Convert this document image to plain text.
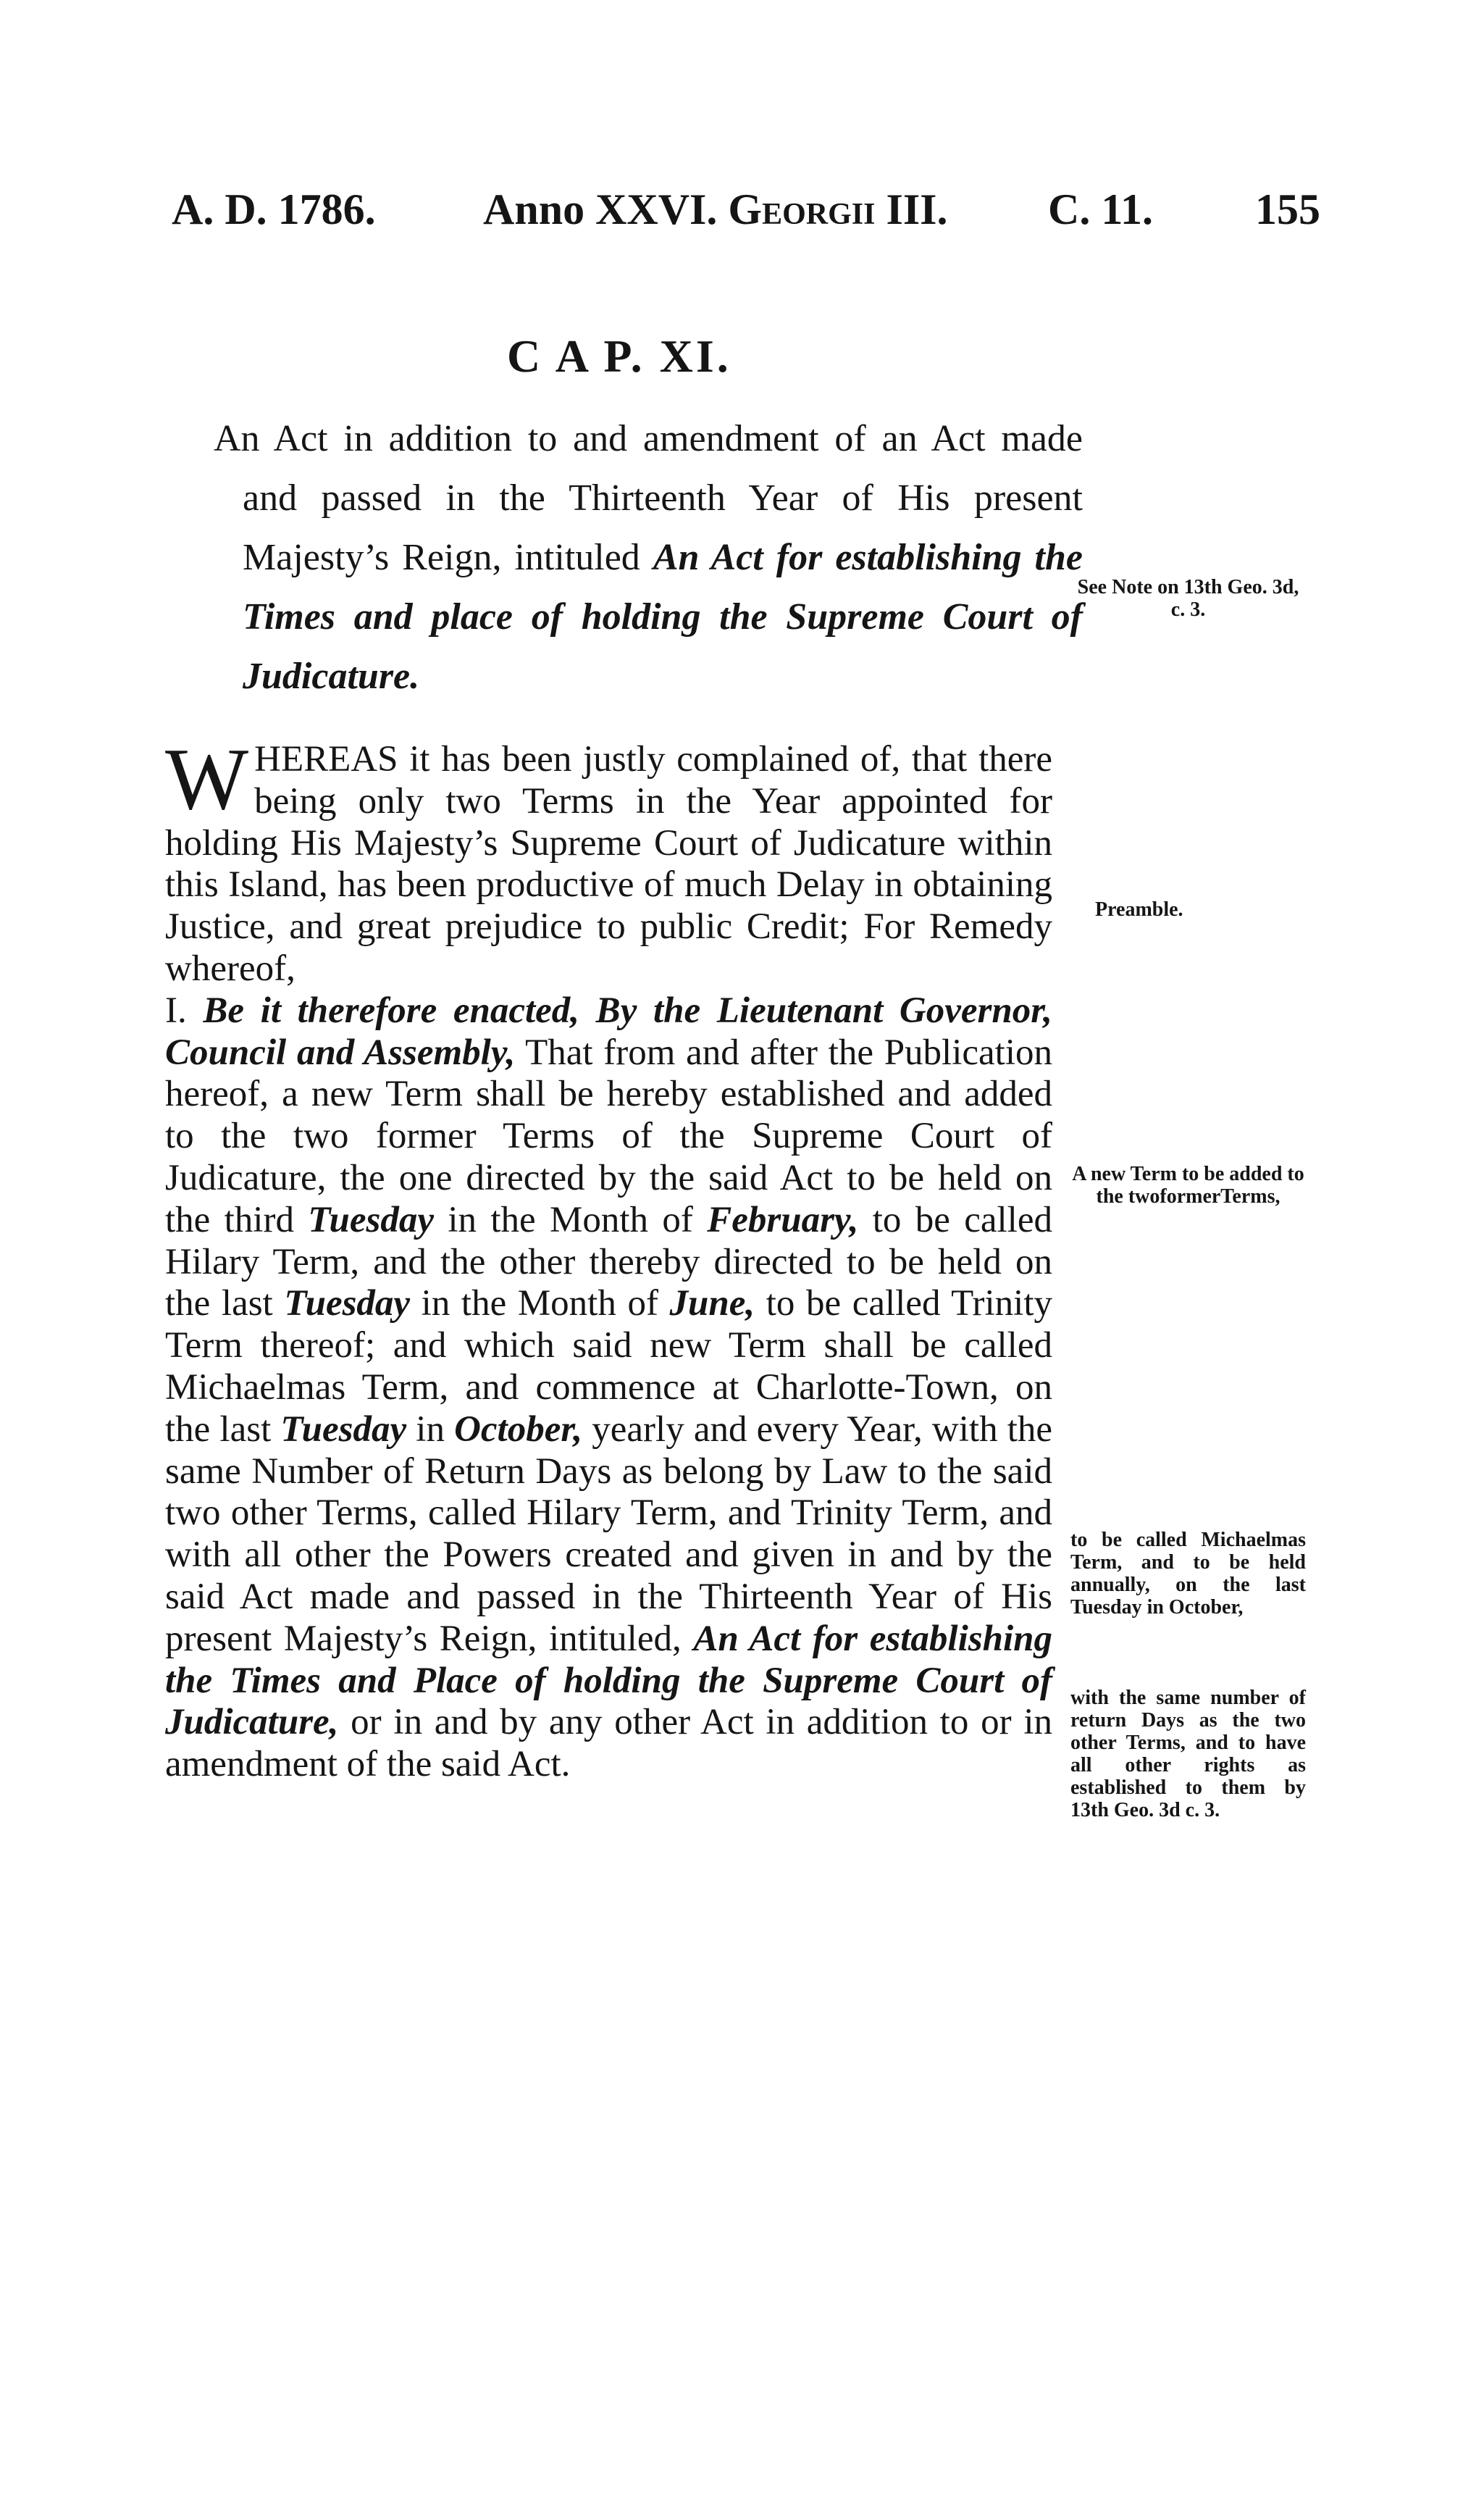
A. D. 1786. Anno XXVI. Georgii III. C. 11. 155
C A P. XI.
An Act in addition to and amendment of an Act made and passed in the Thirteenth Year of His present Majesty’s Reign, intituled An Act for establishing the Times and place of holding the Supreme Court of Judicature.
See Note on 13th Geo. 3d, c. 3.
Preamble.
A new Term to be added to the twoformerTerms,
to be called Michaelmas Term, and to be held annually, on the last Tuesday in October,
with the same number of return Days as the two other Terms, and to have all other rights as established to them by 13th Geo. 3d c. 3.

WHEREAS it has been justly complained of, that there being only two Terms in the Year appointed for holding His Majesty’s Supreme Court of Judicature within this Island, has been productive of much Delay in obtaining Justice, and great prejudice to public Credit; For Remedy whereof,

I. Be it therefore enacted, By the Lieutenant Governor, Council and Assembly, That from and after the Publication hereof, a new Term shall be hereby established and added to the two former Terms of the Supreme Court of Judicature, the one directed by the said Act to be held on the third Tuesday in the Month of February, to be called Hilary Term, and the other thereby directed to be held on the last Tuesday in the Month of June, to be called Trinity Term thereof; and which said new Term shall be called Michaelmas Term, and commence at Charlotte-Town, on the last Tuesday in October, yearly and every Year, with the same Number of Return Days as belong by Law to the said two other Terms, called Hilary Term, and Trinity Term, and with all other the Powers created and given in and by the said Act made and passed in the Thirteenth Year of His present Majesty’s Reign, intituled, An Act for establishing the Times and Place of holding the Supreme Court of Judicature, or in and by any other Act in addition to or in amendment of the said Act.
